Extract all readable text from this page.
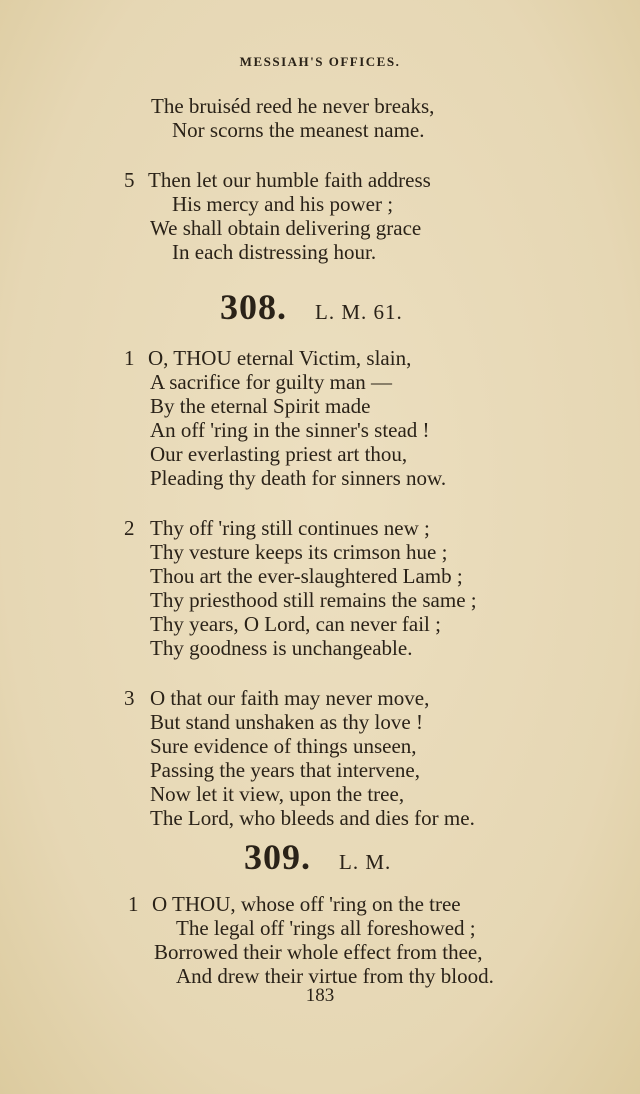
MESSIAH'S OFFICES.
The bruiséd reed he never breaks,
Nor scorns the meanest name.
5 Then let our humble faith address
His mercy and his power ;
We shall obtain delivering grace
In each distressing hour.
308. L. M. 61.
1 O, THOU eternal Victim, slain,
A sacrifice for guilty man —
By the eternal Spirit made
An off 'ring in the sinner's stead !
Our everlasting priest art thou,
Pleading thy death for sinners now.
2 Thy off 'ring still continues new ;
Thy vesture keeps its crimson hue ;
Thou art the ever-slaughtered Lamb ;
Thy priesthood still remains the same ;
Thy years, O Lord, can never fail ;
Thy goodness is unchangeable.
3 O that our faith may never move,
But stand unshaken as thy love !
Sure evidence of things unseen,
Passing the years that intervene,
Now let it view, upon the tree,
The Lord, who bleeds and dies for me.
309. L. M.
1 O THOU, whose off 'ring on the tree
The legal off 'rings all foreshowed ;
Borrowed their whole effect from thee,
And drew their virtue from thy blood.
183
